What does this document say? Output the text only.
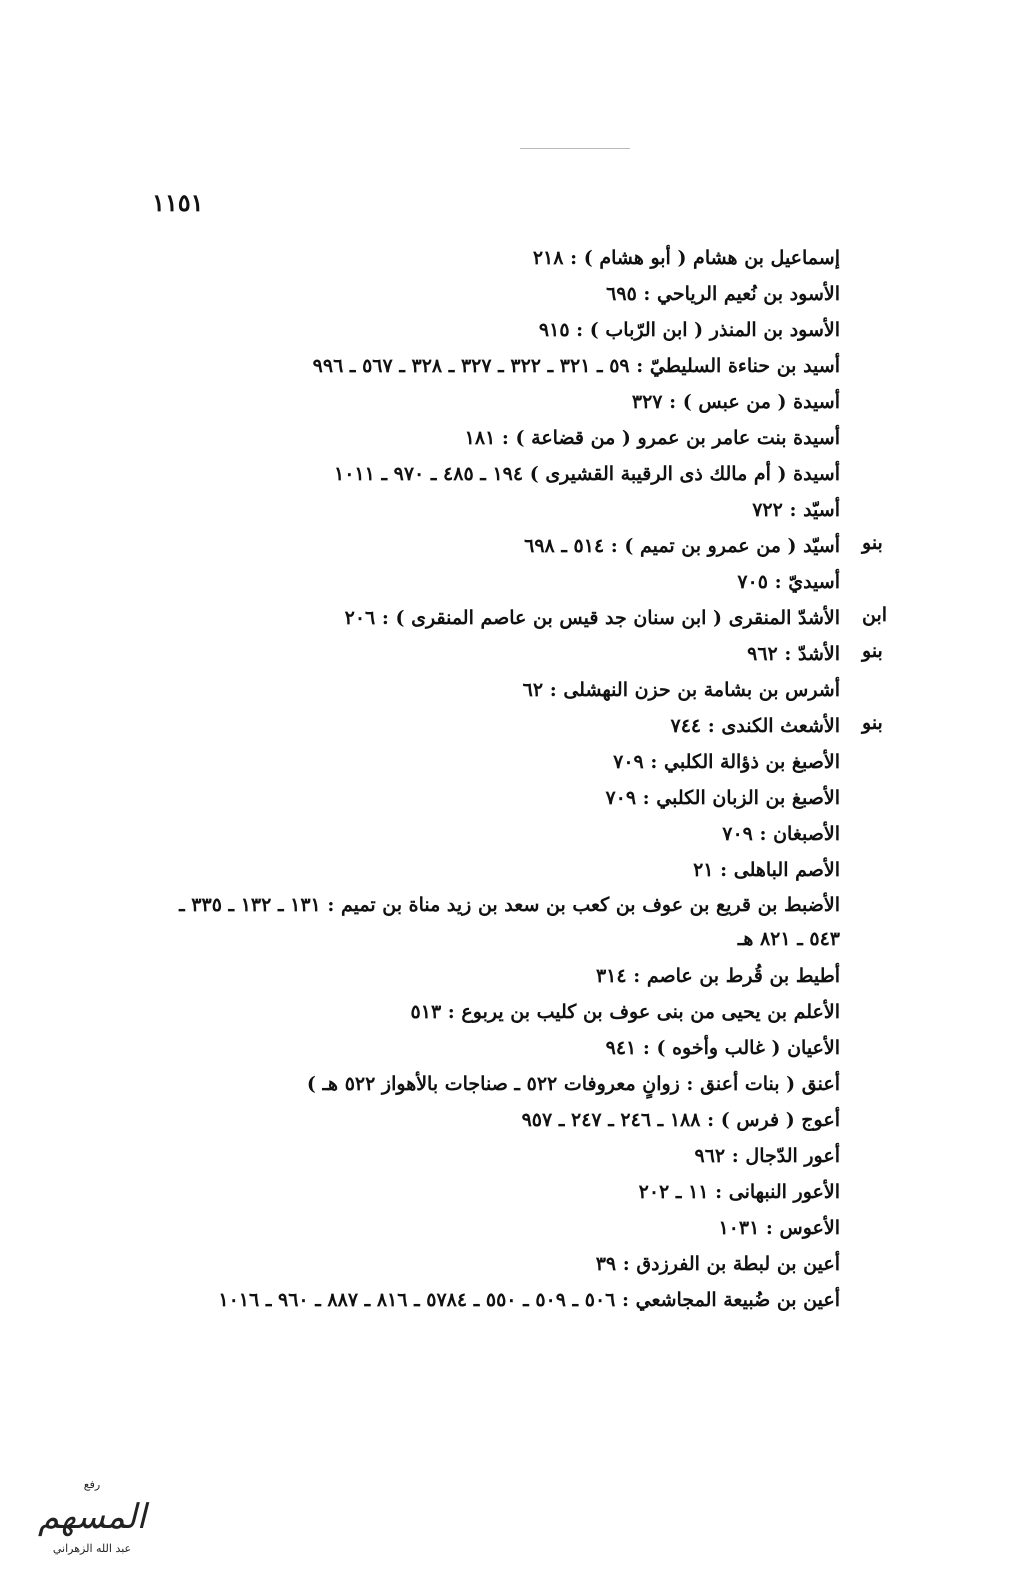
١١٥١
إسماعيل بن هشام ( أبو هشام ) : ٢١٨
الأسود بن نُعيم الرياحي : ٦٩٥
الأسود بن المنذر ( ابن الرّباب ) : ٩١٥
أسيد بن حناءة السليطيّ : ٥٩ ـ ٣٢١ ـ ٣٢٢ ـ ٣٢٧ ـ ٣٢٨ ـ ٥٦٧ ـ ٩٩٦
أسيدة ( من عبس ) : ٣٢٧
أسيدة بنت عامر بن عمرو ( من قضاعة ) : ١٨١
أسيدة ( أم مالك ذى الرقيبة القشيرى ) ١٩٤ ـ ٤٨٥ ـ ٩٧٠ ـ ١٠١١
أسيّد : ٧٢٢
أسيّد ( من عمرو بن تميم ) : ٥١٤ ـ ٦٩٨
أسيديّ : ٧٠٥
الأشدّ المنقرى ( ابن سنان جد قيس بن عاصم المنقرى ) : ٢٠٦
الأشدّ : ٩٦٢
أشرس بن بشامة بن حزن النهشلى : ٦٢
الأشعث الكندى : ٧٤٤
الأصبغ بن ذؤالة الكلبي : ٧٠٩
الأصبغ بن الزبان الكلبي : ٧٠٩
الأصبغان : ٧٠٩
الأصم الباهلى : ٢١
الأضبط بن قريع بن عوف بن كعب بن سعد بن زيد مناة بن تميم : ١٣١ ـ ١٣٢ ـ ٣٣٥ ـ ٥٤٣ ـ ٨٢١ هـ
أطيط بن قُرط بن عاصم : ٣١٤
الأعلم بن يحيى من بنى عوف بن كليب بن يربوع : ٥١٣
الأعيان ( غالب وأخوه ) : ٩٤١
أعنق ( بنات أعنق : زوانٍ معروفات ٥٢٢ ـ صناجات بالأهواز ٥٢٢ هـ )
أعوج ( فرس ) : ١٨٨ ـ ٢٤٦ ـ ٢٤٧ ـ ٩٥٧
أعور الدّجال : ٩٦٢
الأعور النبهانى : ١١ ـ ٢٠٢
الأعوس : ١٠٣١
أعين بن لبطة بن الفرزدق : ٣٩
أعين بن ضُبيعة المجاشعي : ٥٠٦ ـ ٥٠٩ ـ ٥٥٠ ـ ٥٧٨٤ ـ ٨١٦ ـ ٨٨٧ ـ ٩٦٠ ـ ١٠١٦
رفع
المسهم
عبد الله الزهراني
بنو
ابن
بنو
بنو
